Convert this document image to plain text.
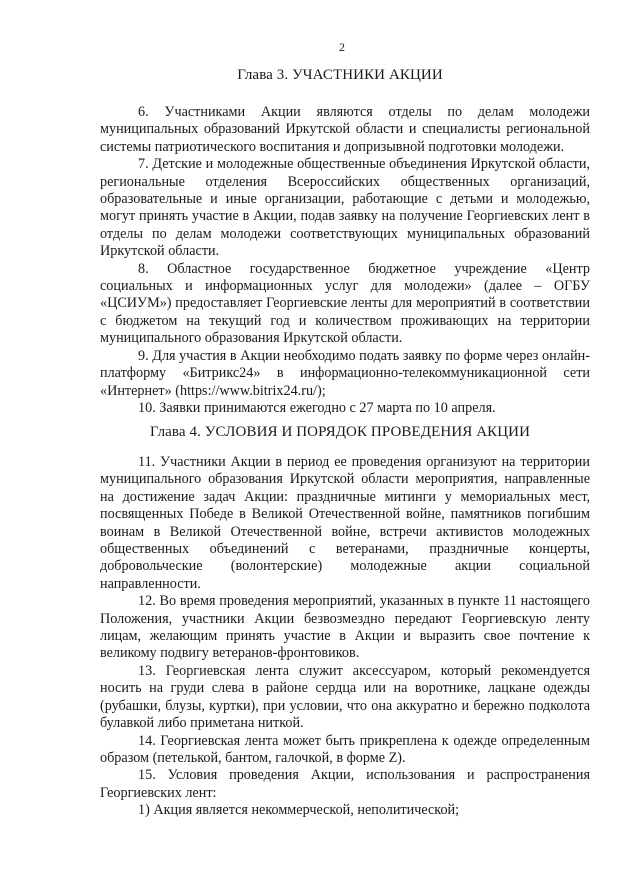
2
Глава 3. УЧАСТНИКИ АКЦИИ

6. Участниками Акции являются отделы по делам молодежи муниципальных образований Иркутской области и специалисты региональной системы патриотического воспитания и допризывной подготовки молодежи.

7. Детские и молодежные общественные объединения Иркутской области, региональные отделения Всероссийских общественных организаций, образовательные и иные организации, работающие с детьми и молодежью, могут принять участие в Акции, подав заявку на получение Георгиевских лент в отделы по делам молодежи соответствующих муниципальных образований Иркутской области.

8. Областное государственное бюджетное учреждение «Центр социальных и информационных услуг для молодежи» (далее – ОГБУ «ЦСИУМ») предоставляет Георгиевские ленты для мероприятий в соответствии с бюджетом на текущий год и количеством проживающих на территории муниципального образования Иркутской области.

9. Для участия в Акции необходимо подать заявку по форме через онлайн-платформу «Битрикс24» в информационно-телекоммуникационной сети «Интернет» (https://www.bitrix24.ru/);

10. Заявки принимаются ежегодно с 27 марта по 10 апреля.

Глава 4. УСЛОВИЯ И ПОРЯДОК ПРОВЕДЕНИЯ АКЦИИ

11. Участники Акции в период ее проведения организуют на территории муниципального образования Иркутской области мероприятия, направленные на достижение задач Акции: праздничные митинги у мемориальных мест, посвященных Победе в Великой Отечественной войне, памятников погибшим воинам в Великой Отечественной войне, встречи активистов молодежных общественных объединений с ветеранами, праздничные концерты, добровольческие (волонтерские) молодежные акции социальной направленности.

12. Во время проведения мероприятий, указанных в пункте 11 настоящего Положения, участники Акции безвозмездно передают Георгиевскую ленту лицам, желающим принять участие в Акции и выразить свое почтение к великому подвигу ветеранов-фронтовиков.

13. Георгиевская лента служит аксессуаром, который рекомендуется носить на груди слева в районе сердца или на воротнике, лацкане одежды (рубашки, блузы, куртки), при условии, что она аккуратно и бережно подколота булавкой либо приметана ниткой.

14. Георгиевская лента может быть прикреплена к одежде определенным образом (петелькой, бантом, галочкой, в форме Z).

15. Условия проведения Акции, использования и распространения Георгиевских лент:

1) Акция является некоммерческой, неполитической;
